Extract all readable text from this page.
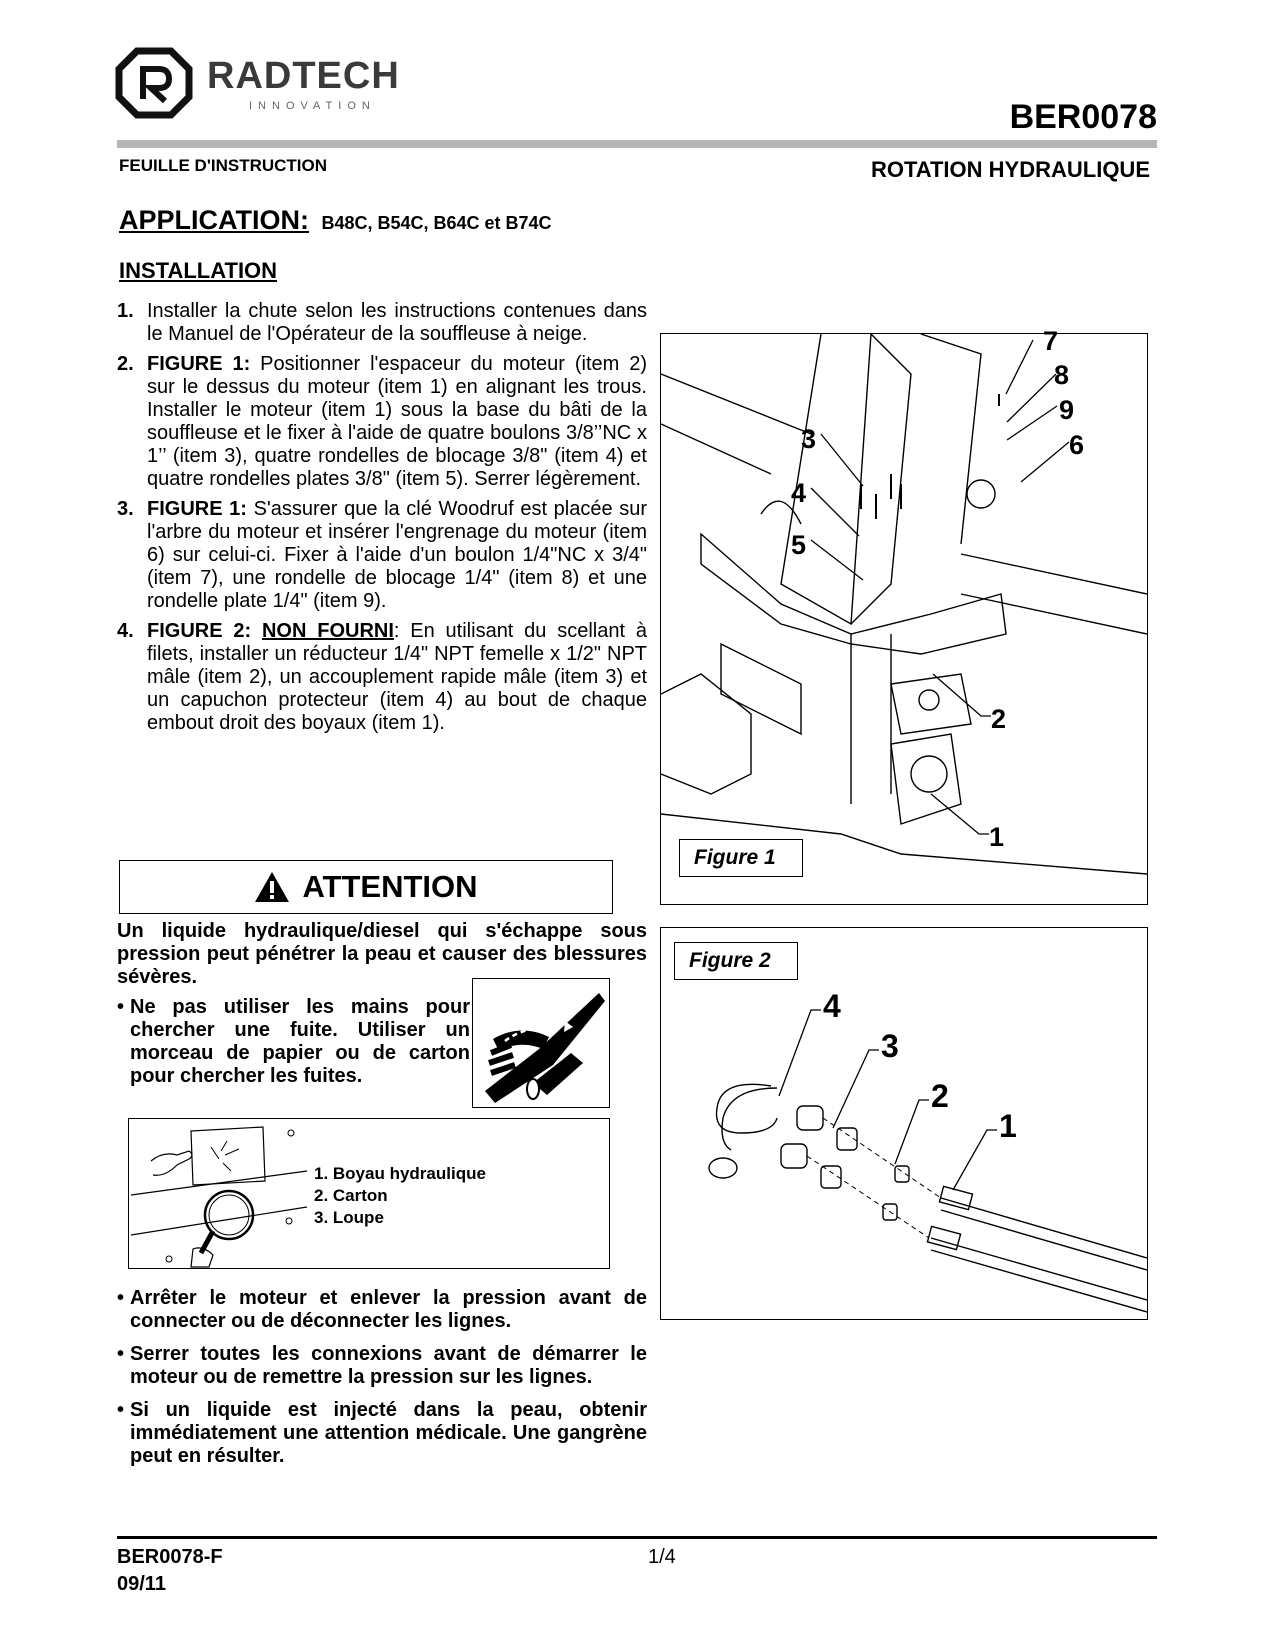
RADTECH
INNOVATION	BER0078
FEUILLE D'INSTRUCTION	ROTATION HYDRAULIQUE
APPLICATION: B48C, B54C, B64C et B74C
INSTALLATION
1. Installer la chute selon les instructions contenues dans le Manuel de l'Opérateur de la souffleuse à neige.
2. FIGURE 1: Positionner l'espaceur du moteur (item 2) sur le dessus du moteur (item 1) en alignant les trous. Installer le moteur (item 1) sous la base du bâti de la souffleuse et le fixer à l'aide de quatre boulons 3/8’’NC x 1’’ (item 3), quatre rondelles de blocage 3/8" (item 4) et quatre rondelles plates 3/8" (item 5). Serrer légèrement.
3. FIGURE 1: S'assurer que la clé Woodruf est placée sur l'arbre du moteur et insérer l'engrenage du moteur (item 6) sur celui-ci. Fixer à l'aide d'un boulon 1/4"NC x 3/4" (item 7), une rondelle de blocage 1/4" (item 8) et une rondelle plate 1/4" (item 9).
4. FIGURE 2: NON FOURNI: En utilisant du scellant à filets, installer un réducteur 1/4" NPT femelle x 1/2" NPT mâle (item 2), un accouplement rapide mâle (item 3) et un capuchon protecteur (item 4) au bout de chaque embout droit des boyaux (item 1).
ATTENTION
Un liquide hydraulique/diesel qui s'échappe sous pression peut pénétrer la peau et causer des blessures sévères.
• Ne pas utiliser les mains pour chercher une fuite. Utiliser un morceau de papier ou de carton pour chercher les fuites.
1. Boyau hydraulique
2. Carton
3. Loupe
• Arrêter le moteur et enlever la pression avant de connecter ou de déconnecter les lignes.
• Serrer toutes les connexions avant de démarrer le moteur ou de remettre la pression sur les lignes.
• Si un liquide est injecté dans la peau, obtenir immédiatement une attention médicale. Une gangrène peut en résulter.
7
8
9
6
3
4
5
2
1
Figure 1
4
3
2
1
Figure 2
BER0078-F
09/11
1/4
